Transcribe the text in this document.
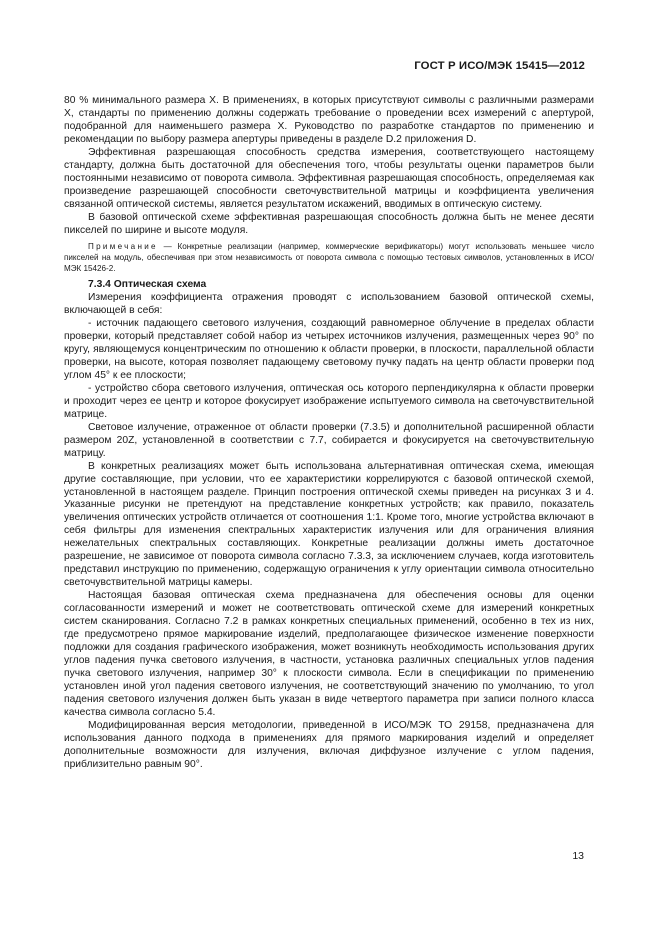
ГОСТ Р ИСО/МЭК 15415—2012

80 % минимального размера X. В применениях, в которых присутствуют символы с различными размерами X, стандарты по применению должны содержать требование о проведении всех измерений с апертурой, подобранной для наименьшего размера X. Руководство по разработке стандартов по применению и рекомендации по выбору размера апертуры приведены в разделе D.2 приложения D.

Эффективная разрешающая способность средства измерения, соответствующего настоящему стандарту, должна быть достаточной для обеспечения того, чтобы результаты оценки параметров были постоянными независимо от поворота символа. Эффективная разрешающая способность, определяемая как произведение разрешающей способности светочувствительной матрицы и коэффициента увеличения связанной оптической системы, является результатом искажений, вводимых в оптическую систему.

В базовой оптической схеме эффективная разрешающая способность должна быть не менее десяти пикселей по ширине и высоте модуля.

Примечание — Конкретные реализации (например, коммерческие верификаторы) могут использовать меньшее число пикселей на модуль, обеспечивая при этом независимость от поворота символа с помощью тестовых символов, установленных в ИСО/МЭК 15426-2.

7.3.4 Оптическая схема

Измерения коэффициента отражения проводят с использованием базовой оптической схемы, включающей в себя:

- источник падающего светового излучения, создающий равномерное облучение в пределах области проверки, который представляет собой набор из четырех источников излучения, размещенных через 90° по кругу, являющемуся концентрическим по отношению к области проверки, в плоскости, параллельной области проверки, на высоте, которая позволяет падающему световому пучку падать на центр области проверки под углом 45° к ее плоскости;

- устройство сбора светового излучения, оптическая ось которого перпендикулярна к области проверки и проходит через ее центр и которое фокусирует изображение испытуемого символа на светочувствительной матрице.

Световое излучение, отраженное от области проверки (7.3.5) и дополнительной расширенной области размером 20Z, установленной в соответствии с 7.7, собирается и фокусируется на светочувствительную матрицу.

В конкретных реализациях может быть использована альтернативная оптическая схема, имеющая другие составляющие, при условии, что ее характеристики коррелируются с базовой оптической схемой, установленной в настоящем разделе. Принцип построения оптической схемы приведен на рисунках 3 и 4. Указанные рисунки не претендуют на представление конкретных устройств; как правило, показатель увеличения оптических устройств отличается от соотношения 1:1. Кроме того, многие устройства включают в себя фильтры для изменения спектральных характеристик излучения или для ограничения влияния нежелательных спектральных составляющих. Конкретные реализации должны иметь достаточное разрешение, не зависимое от поворота символа согласно 7.3.3, за исключением случаев, когда изготовитель представил инструкцию по применению, содержащую ограничения к углу ориентации символа относительно светочувствительной матрицы камеры.

Настоящая базовая оптическая схема предназначена для обеспечения основы для оценки согласованности измерений и может не соответствовать оптической схеме для измерений конкретных систем сканирования. Согласно 7.2 в рамках конкретных специальных применений, особенно в тех из них, где предусмотрено прямое маркирование изделий, предполагающее физическое изменение поверхности подложки для создания графического изображения, может возникнуть необходимость использования других углов падения пучка светового излучения, в частности, установка различных специальных углов падения пучка светового излучения, например 30° к плоскости символа. Если в спецификации по применению установлен иной угол падения светового излучения, не соответствующий значению по умолчанию, то угол падения светового излучения должен быть указан в виде четвертого параметра при записи полного класса качества символа согласно 5.4.

Модифицированная версия методологии, приведенной в ИСО/МЭК ТО 29158, предназначена для использования данного подхода в применениях для прямого маркирования изделий и определяет дополнительные возможности для излучения, включая диффузное излучение с углом падения, приблизительно равным 90°.

13
